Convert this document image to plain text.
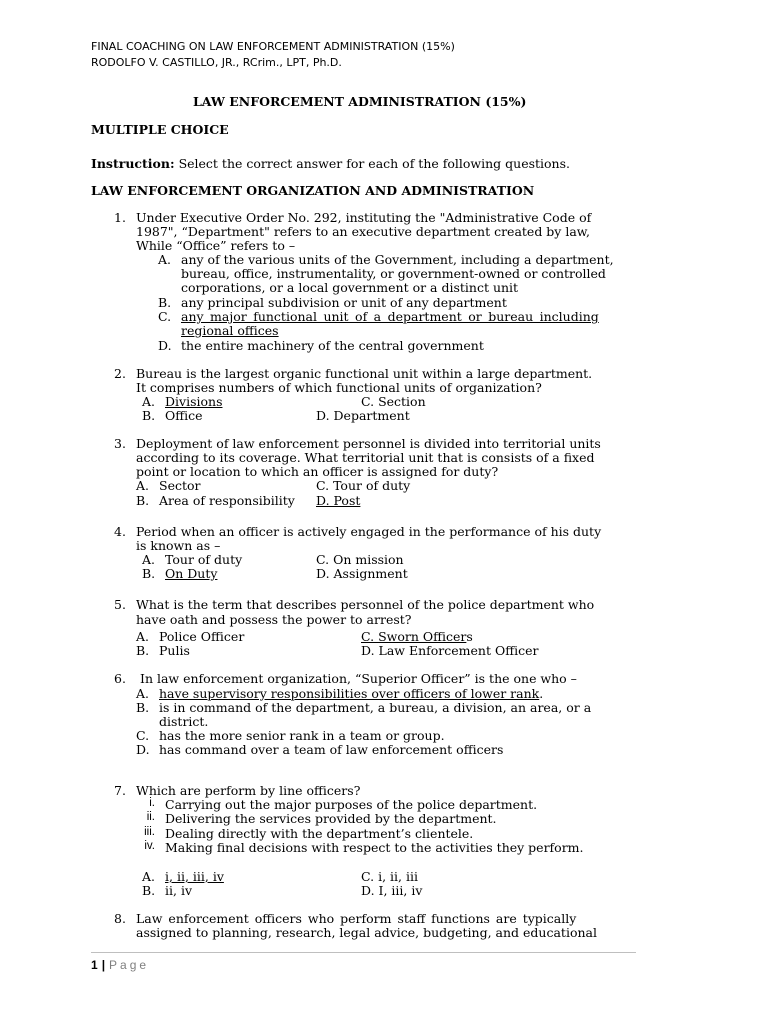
FINAL COACHING ON LAW ENFORCEMENT ADMINISTRATION (15%)
RODOLFO V. CASTILLO, JR., RCrim., LPT, Ph.D.
LAW ENFORCEMENT ADMINISTRATION (15%)
MULTIPLE CHOICE
Instruction: Select the correct answer for each of the following questions.
LAW ENFORCEMENT ORGANIZATION AND ADMINISTRATION
1. Under Executive Order No. 292, instituting the "Administrative Code of
1987", “Department" refers to an executive department created by law,
While “Office” refers to –
A. any of the various units of the Government, including a department,
bureau, office, instrumentality, or government-owned or controlled
corporations, or a local government or a distinct unit
B. any principal subdivision or unit of any department
C. any major functional unit of a department or bureau including
regional offices
D. the entire machinery of the central government
2. Bureau is the largest organic functional unit within a large department.
It comprises numbers of which functional units of organization?
A. Divisions	C. Section
B. Office	D. Department
3. Deployment of law enforcement personnel is divided into territorial units
according to its coverage. What territorial unit that is consists of a fixed
point or location to which an officer is assigned for duty?
A. Sector	C. Tour of duty
B. Area of responsibility D. Post
4. Period when an officer is actively engaged in the performance of his duty
is known as –
A. Tour of duty	C. On mission
B. On Duty	D. Assignment
5. What is the term that describes personnel of the police department who
have oath and possess the power to arrest?
A. Police Officer	C. Sworn Officers
B. Pulis	D. Law Enforcement Officer
6. In law enforcement organization, “Superior Officer” is the one who –
A. have supervisory responsibilities over officers of lower rank.
B. is in command of the department, a bureau, a division, an area, or a
district.
C. has the more senior rank in a team or group.
D. has command over a team of law enforcement officers
7. Which are perform by line officers?
i. Carrying out the major purposes of the police department.
ii. Delivering the services provided by the department.
iii. Dealing directly with the department’s clientele.
iv. Making final decisions with respect to the activities they perform.
A. i, ii, iii, iv	C. i, ii, iii
B. ii, iv	D. I, iii, iv
8. Law enforcement officers who perform staff functions are typically
assigned to planning, research, legal advice, budgeting, and educational
1 | Page
